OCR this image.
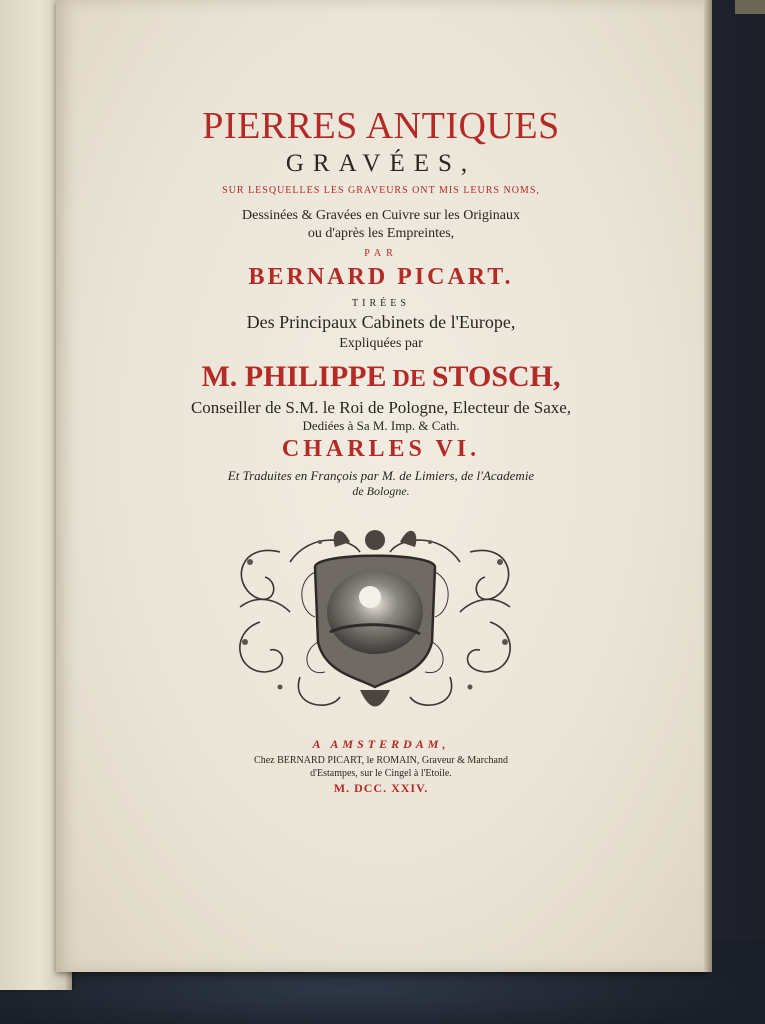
PIERRES ANTIQUES

GRAVÉES,

SUR LESQUELLES LES GRAVEURS ONT MIS LEURS NOMS,

Dessinées & Gravées en Cuivre sur les Originaux

ou d'après les Empreintes,

PAR

BERNARD PICART.

TIRÉES

Des Principaux Cabinets de l'Europe,

Expliquées par

M. PHILIPPE DE STOSCH,

Conseiller de S.M. le Roi de Pologne, Electeur de Saxe,

Dediées à Sa M. Imp. & Cath.

CHARLES VI.

Et Traduites en François par M. de Limiers, de l'Academie

de Bologne.

A AMSTERDAM,

Chez BERNARD PICART, le ROMAIN, Graveur & Marchand

d'Estampes, sur le Cingel à l'Etoile.

M. DCC. XXIV.
